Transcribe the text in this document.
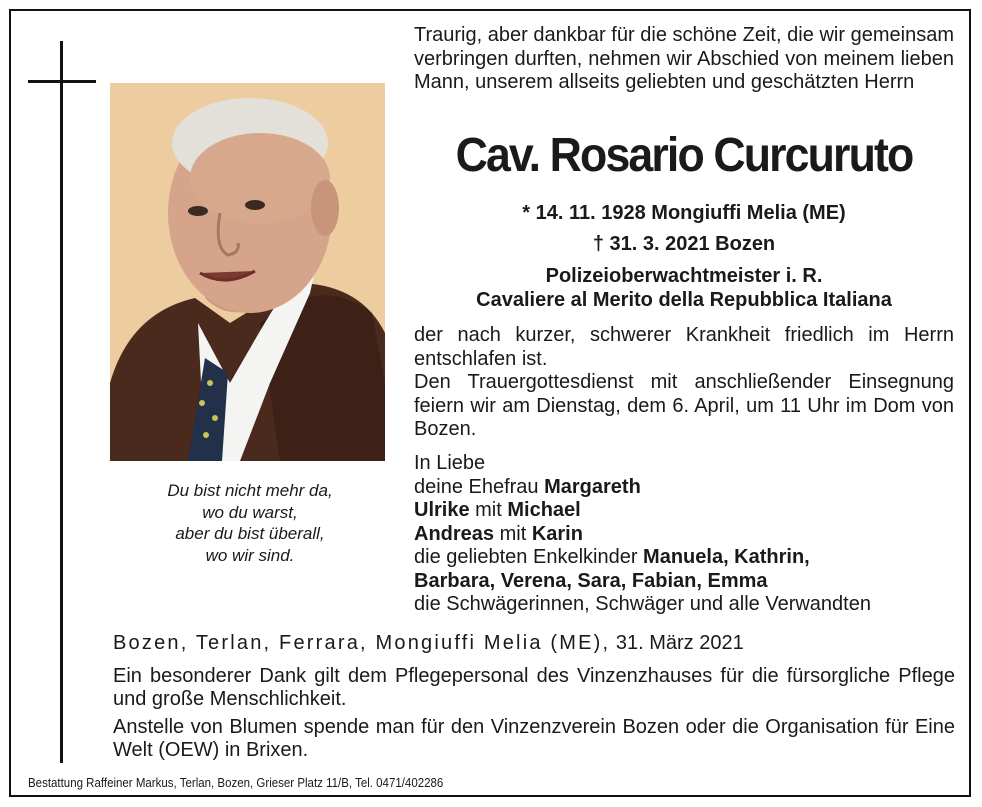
Du bist nicht mehr da,
wo du warst,
aber du bist überall,
wo wir sind.
Traurig, aber dankbar für die schöne Zeit, die wir gemeinsam verbringen durften, nehmen wir Abschied von meinem lieben Mann, unserem allseits geliebten und geschätzten Herrn
Cav. Rosario Curcuruto
* 14. 11. 1928 Mongiuffi Melia (ME)
† 31. 3. 2021 Bozen
Polizeioberwachtmeister i. R.
Cavaliere al Merito della Repubblica Italiana
der nach kurzer, schwerer Krankheit friedlich im Herrn entschlafen ist.
Den Trauergottesdienst mit anschließender Einsegnung feiern wir am Dienstag, dem 6. April, um 11 Uhr im Dom von Bozen.
In Liebe
deine Ehefrau Margareth
Ulrike mit Michael
Andreas mit Karin
die geliebten Enkelkinder Manuela, Kathrin,
Barbara, Verena, Sara, Fabian, Emma
die Schwägerinnen, Schwäger und alle Verwandten
Bozen, Terlan, Ferrara, Mongiuffi Melia (ME), 31. März 2021
Ein besonderer Dank gilt dem Pflegepersonal des Vinzenzhauses für die fürsorgliche Pflege und große Menschlichkeit.
Anstelle von Blumen spende man für den Vinzenzverein Bozen oder die Organisation für Eine Welt (OEW) in Brixen.
Bestattung Raffeiner Markus, Terlan, Bozen, Grieser Platz 11/B, Tel. 0471/402286
